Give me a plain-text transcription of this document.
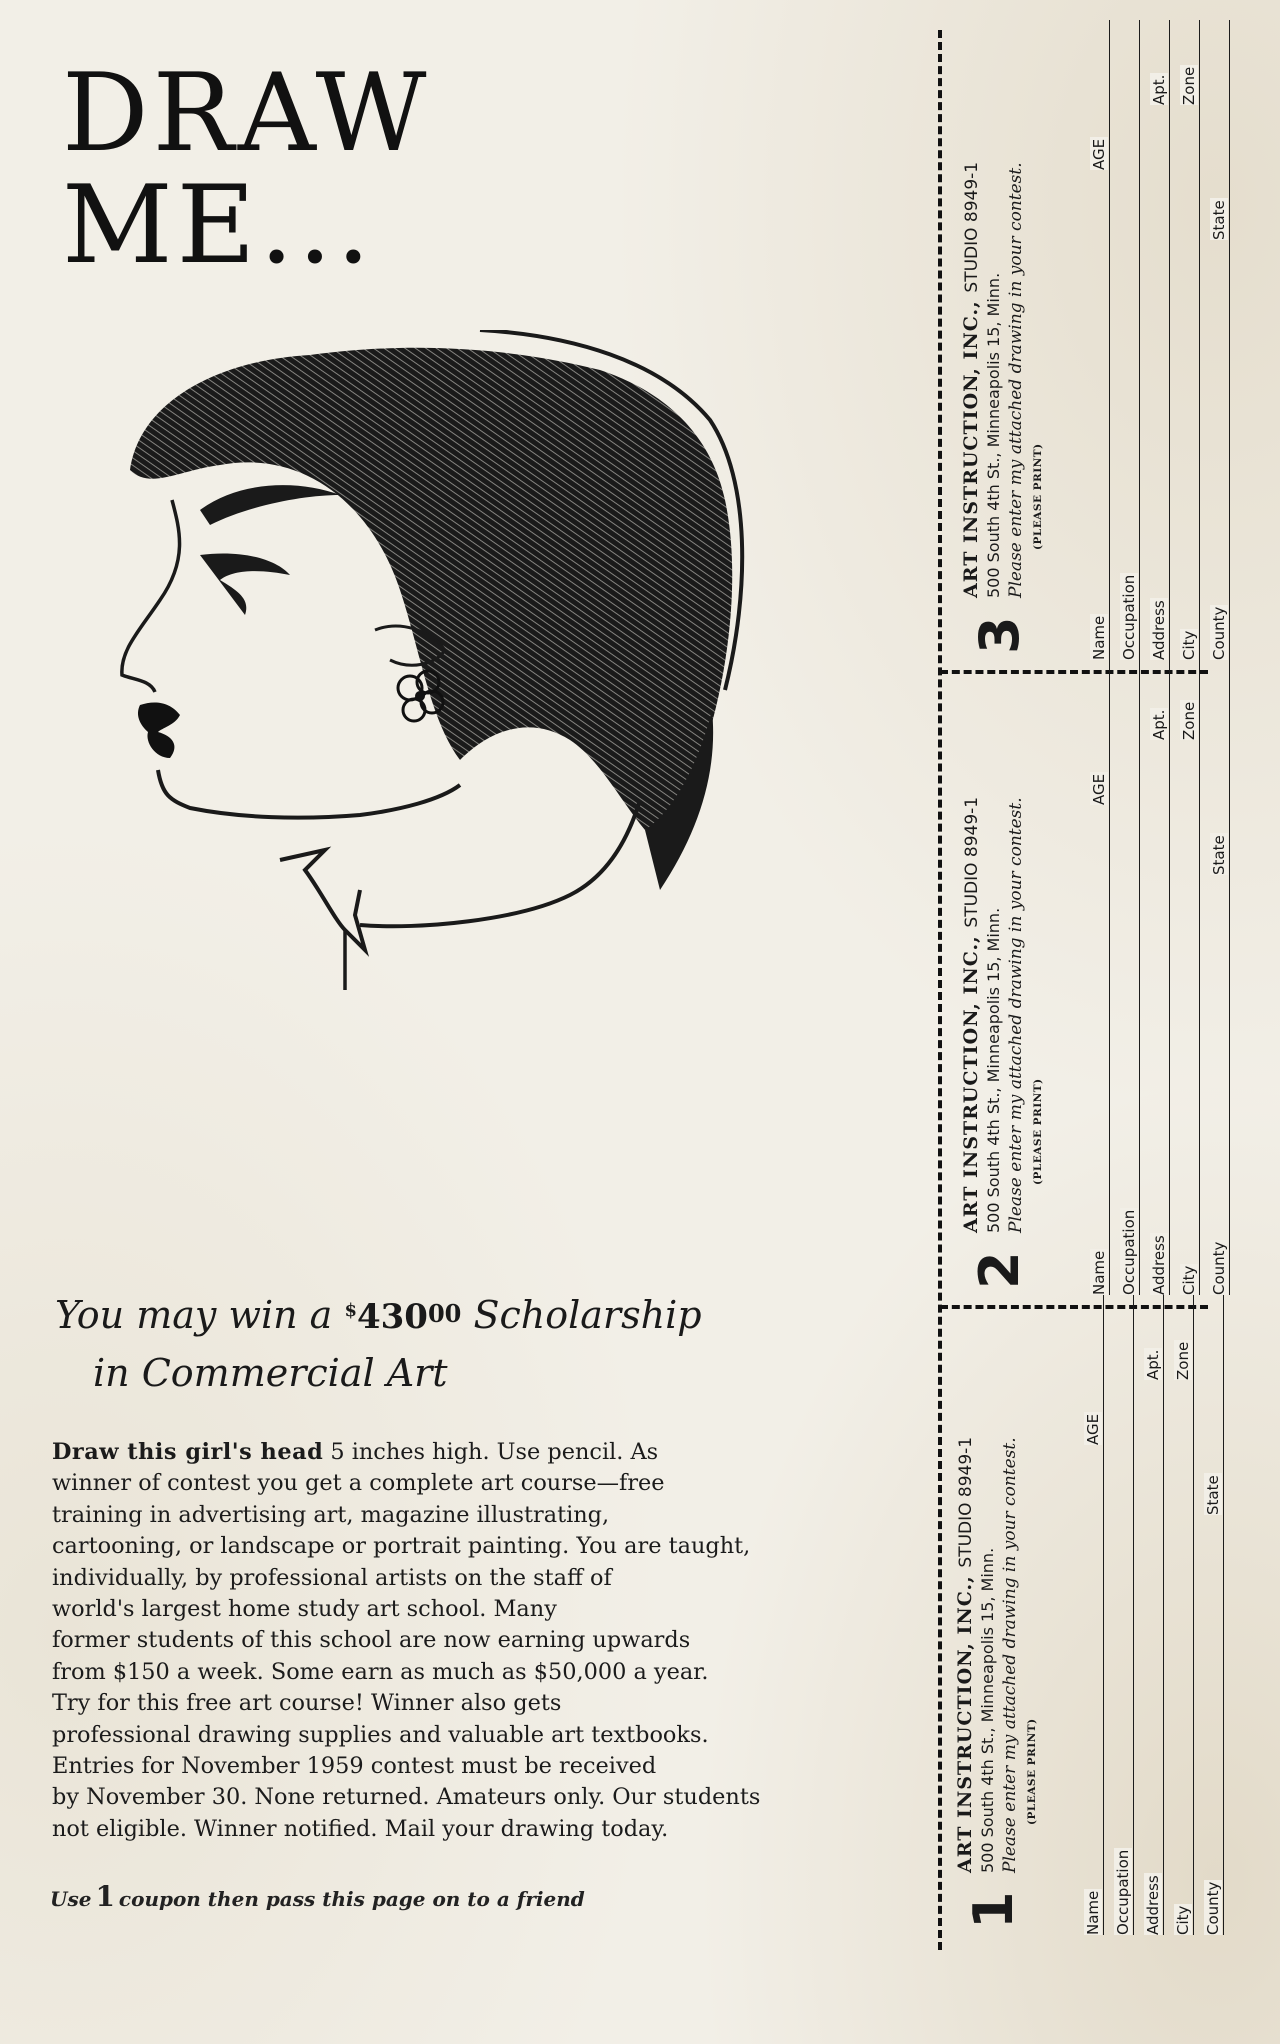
DRAW
ME...
You may win a $43000 Scholarship
in Commercial Art
Draw this girl's head 5 inches high. Use pencil. As
winner of contest you get a complete art course—free
training in advertising art, magazine illustrating,
cartooning, or landscape or portrait painting. You are taught,
individually, by professional artists on the staff of
world's largest home study art school. Many
former students of this school are now earning upwards
from $150 a week. Some earn as much as $50,000 a year.
Try for this free art course! Winner also gets
professional drawing supplies and valuable art textbooks.
Entries for November 1959 contest must be received
by November 30. None returned. Amateurs only. Our students
not eligible. Winner notified. Mail your drawing today.
Use 1 coupon then pass this page on to a friend
3
ART INSTRUCTION, INC., STUDIO 8949-1
500 South 4th St., Minneapolis 15, Minn. Please enter my attached drawing in your contest. (PLEASE PRINT)
Name
AGE
Occupation Address
Apt.
City
Zone
County
State
2
ART INSTRUCTION, INC., STUDIO 8949-1
500 South 4th St., Minneapolis 15, Minn. Please enter my attached drawing in your contest. (PLEASE PRINT)
Name
AGE
Occupation Address
Apt.
City
Zone
County
State
1
ART INSTRUCTION, INC., STUDIO 8949-1
500 South 4th St., Minneapolis 15, Minn. Please enter my attached drawing in your contest. (PLEASE PRINT)
Name
AGE
Occupation Address
Apt.
City
Zone
County
State
